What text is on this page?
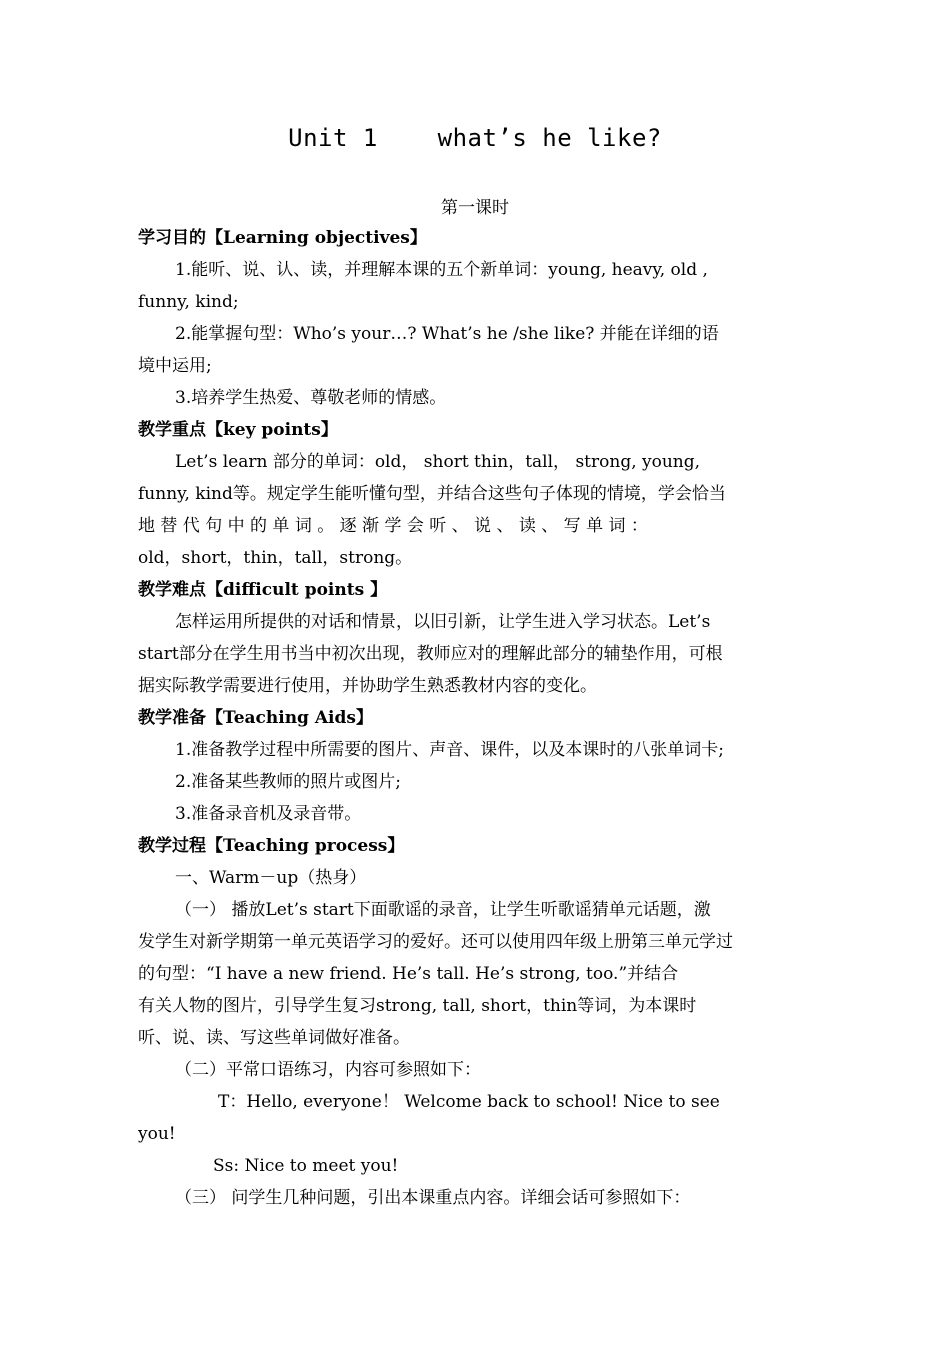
Unit 1    what’s he like?
第一课时
学习目的【Learning objectives】
1.能听、说、认、读，并理解本课的五个新单词：young, heavy, old ,
funny, kind;
2.能掌握句型：Who’s your…? What’s he /she like? 并能在详细的语
境中运用;
3.培养学生热爱、尊敬老师的情感。
教学重点【key points】
Let’s learn 部分的单词：old， short thin，tall， strong, young,
funny, kind等。规定学生能听懂句型，并结合这些句子体现的情境，学会恰当
地 替 代 句 中 的 单 词 。 逐 渐 学 会 听 、 说 、 读 、 写 单 词 ：
old，short，thin，tall，strong。
教学难点【difficult points 】
怎样运用所提供的对话和情景，以旧引新，让学生进入学习状态。Let’s
start部分在学生用书当中初次出现，教师应对的理解此部分的辅垫作用，可根
据实际教学需要进行使用，并协助学生熟悉教材内容的变化。
教学准备【Teaching Aids】
1.准备教学过程中所需要的图片、声音、课件，以及本课时的八张单词卡;
2.准备某些教师的照片或图片;
3.准备录音机及录音带。
教学过程【Teaching process】
一、Warm－up（热身）
（一） 播放Let’s start下面歌谣的录音，让学生听歌谣猜单元话题，激
发学生对新学期第一单元英语学习的爱好。还可以使用四年级上册第三单元学过
的句型：“I have a new friend. He’s tall. He’s strong, too.”并结合
有关人物的图片，引导学生复习strong, tall, short，thin等词，为本课时
听、说、读、写这些单词做好准备。
（二）平常口语练习，内容可参照如下：
T：Hello, everyone！ Welcome back to school! Nice to see
you!
Ss: Nice to meet you!
（三） 问学生几种问题，引出本课重点内容。详细会话可参照如下：
